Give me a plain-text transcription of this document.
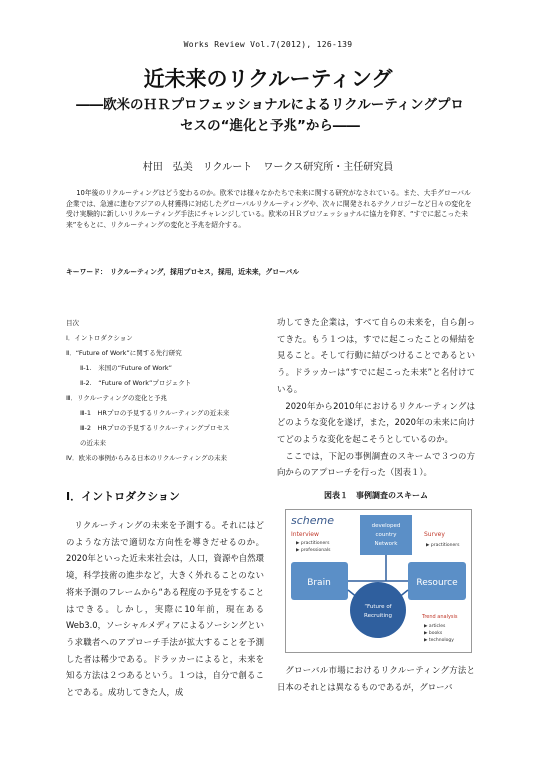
Works Review Vol.7(2012), 126-139
近未来のリクルーティング
――欧米のＨＲプロフェッショナルによるリクルーティングプロセスの“進化と予兆”から――
村田　弘美　リクルート ワークス研究所・主任研究員
10年後のリクルーティングはどう変わるのか。欧米では様々なかたちで未来に関する研究がなされている。また、大手グローバル企業では、急速に進むアジアの人材獲得に対応したグローバルリクルーティングや、次々に開発されるテクノロジーなど日々の変化を受け実験的に新しいリクルーティング手法にチャレンジしている。欧米のＨＲプロフェッショナルに協力を仰ぎ、“すでに起こった未来”をもとに、リクルーティングの変化と予兆を紹介する。
キーワード：　リクルーティング，採用プロセス，採用，近未来，グローバル
目次
Ⅰ．イントロダクション
Ⅱ．“Future of Work”に関する先行研究
Ⅱ-1.　米国の“Future of Work”
Ⅱ-2.　“Future of Work”プロジェクト
Ⅲ．リクルーティングの変化と予兆
Ⅲ-1　HRプロの予見するリクルーティングの近未来
Ⅲ-2　HRプロの予見するリクルーティングプロセス
の近未来
Ⅳ．欧米の事例からみる日本のリクルーティングの未来

功してきた企業は，すべて自らの未来を，自ら創ってきた。もう１つは，すでに起こったことの帰結を見ること。そして行動に結びつけることであるという。ドラッカーは“すでに起こった未来”と名付けている。

2020年から2010年におけるリクルーティングはどのような変化を遂げ，また，2020年の未来に向けてどのような変化を起こそうとしているのか。

ここでは，下記の事例調査のスキームで３つの方向からのアプローチを行った（図表１）。

Ⅰ．イントロダクション

リクルーティングの未来を予測する。それにはどのような方法で適切な方向性を導きだせるのか。2020年といった近未来社会は，人口，資源や自然環境，科学技術の進歩など，大きく外れることのない将来予測のフレームから“ある程度の予見をすることはできる。しかし，実際に10年前，現在あるWeb3.0，ソーシャルメディアによるソーシングという求職者へのアプローチ手法が拡大することを予測した者は稀少である。ドラッカーによると，未来を知る方法は２つあるという。１つは，自分で創ることである。成功してきた人，成

図表１　事例調査のスキーム
scheme
Interview
▶ practitioners
▶ professionals
Survey
▶ practitioners
developed
country
Network
Brain	Resource
“Future of
Recruiting	Trend analysis
▶ articles
▶ books
▶ technology

グローバル市場におけるリクルーティング方法と日本のそれとは異なるものであるが，グローバ
